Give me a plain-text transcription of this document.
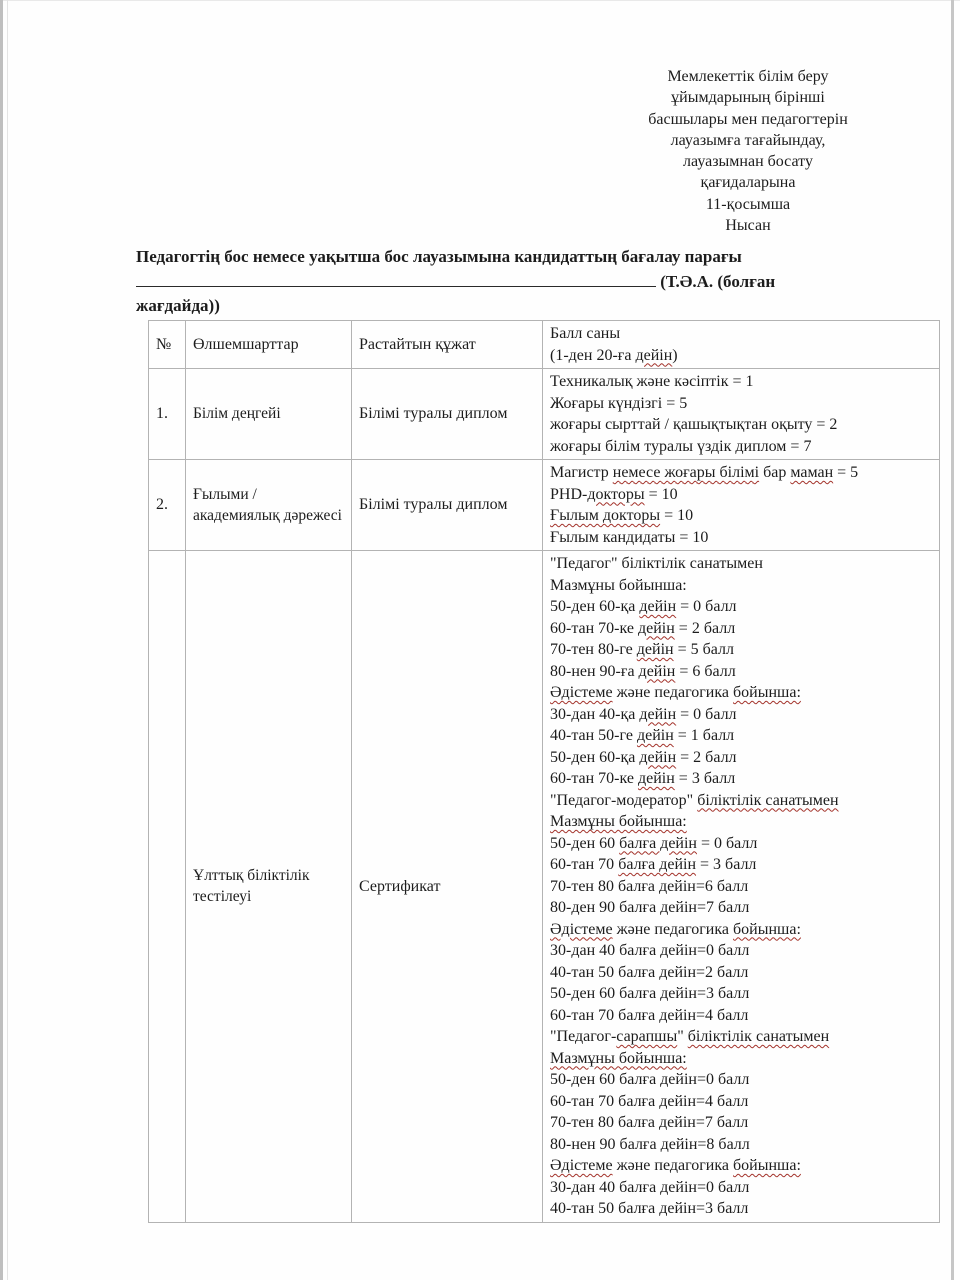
Мемлекеттік білім беру
ұйымдарының бірінші
басшылары мен педагогтерін
лауазымға тағайындау,
лауазымнан босату
қағидаларына
11-қосымша
Нысан
Педагогтің бос немесе уақытша бос лауазымына кандидаттың бағалау парағы
(Т.Ә.А. (болған
жағдайда))
№	Өлшемшарттар	Растайтын құжат	Балл саны
(1-ден 20-ға дейін)

1.	Білім деңгейі	Білімі туралы диплом	Техникалық және кәсіптік = 1
Жоғары күндізгі = 5
жоғары сырттай / қашықтықтан оқыту = 2
жоғары білім туралы үздік диплом = 7

2.	Ғылыми / академиялық дәрежесі	Білімі туралы диплом	Магистр немесе жоғары білімі бар маман = 5
PHD-докторы = 10
Ғылым докторы = 10
Ғылым кандидаты = 10

	Ұлттық біліктілік тестілеуі	Сертификат	
"Педагог" біліктілік санатымен
Мазмұны бойынша:
50-ден 60-қа дейін = 0 балл
60-тан 70-ке дейін = 2 балл
70-тен 80-ге дейін = 5 балл
80-нен 90-ға дейін = 6 балл
Әдістеме және педагогика бойынша:
30-дан 40-қа дейін = 0 балл
40-тан 50-ге дейін = 1 балл
50-ден 60-қа дейін = 2 балл
60-тан 70-ке дейін = 3 балл
"Педагог-модератор" біліктілік санатымен
Мазмұны бойынша:
50-ден 60 балға дейін = 0 балл
60-тан 70 балға дейін = 3 балл
70-тен 80 балға дейін=6 балл
80-ден 90 балға дейін=7 балл
Әдістеме және педагогика бойынша:
30-дан 40 балға дейін=0 балл
40-тан 50 балға дейін=2 балл
50-ден 60 балға дейін=3 балл
60-тан 70 балға дейін=4 балл
"Педагог-сарапшы" біліктілік санатымен
Мазмұны бойынша:
50-ден 60 балға дейін=0 балл
60-тан 70 балға дейін=4 балл
70-тен 80 балға дейін=7 балл
80-нен 90 балға дейін=8 балл
Әдістеме және педагогика бойынша:
30-дан 40 балға дейін=0 балл
40-тан 50 балға дейін=3 балл
